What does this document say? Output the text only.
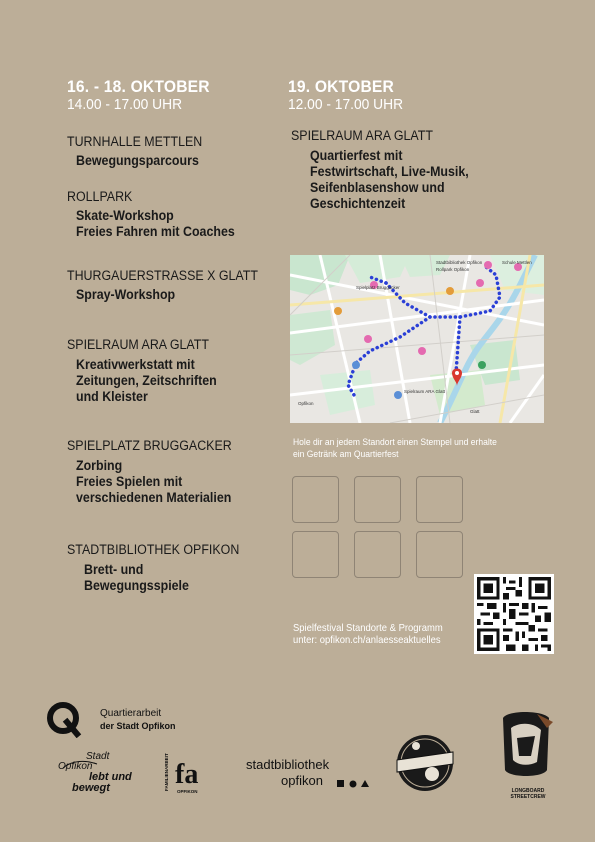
16. - 18. OKTOBER
14.00 - 17.00 UHR
TURNHALLE METTLEN
Bewegungsparcours
ROLLPARK
Skate-Workshop
Freies Fahren mit Coaches
THURGAUERSTRASSE X GLATT
Spray-Workshop
SPIELRAUM ARA GLATT
Kreativwerkstatt mit
Zeitungen, Zeitschriften
und Kleister
SPIELPLATZ BRUGGACKER
Zorbing
Freies Spielen mit
verschiedenen Materialien
STADTBIBLIOTHEK OPFIKON
Brett- und
Bewegungsspiele
19. OKTOBER
12.00 - 17.00 UHR
SPIELRAUM ARA GLATT
Quartierfest mit
Festwirtschaft, Live-Musik,
Seifenblasenshow und
Geschichtenzeit
Stadtbibliothek Opfikon
Rollpark Opfikon
Schule Mettlen
Spielplatz Bruggacker
Spielraum ARA Glatt
Opfikon
Glatt
Hole dir an jedem Standort einen Stempel und erhalte
ein Getränk am Quartierfest
Spielfestival Standorte & Programm
unter: opfikon.ch/anlaesseaktuelles
Quartierarbeit
der Stadt Opfikon
Stadt
Opfikon
lebt und
bewegt	FAMILIENARBEIT fa
OPFIKON
stadtbibliothek
opfikon
LONGBOARD STREETCREW
